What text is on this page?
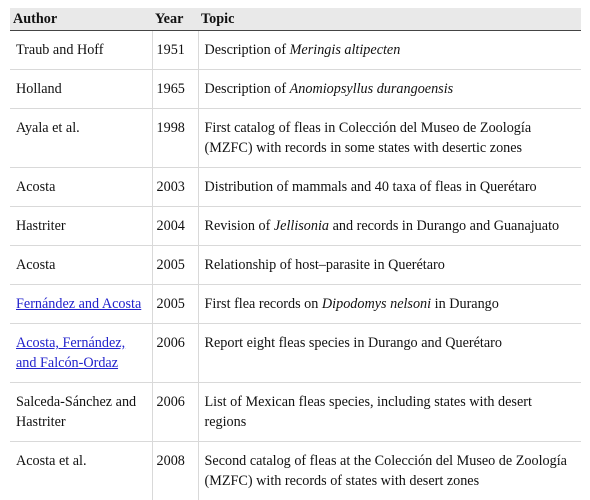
Author	Year	Topic
Traub and Hoff	1951	Description of Meringis altipecten
Holland	1965	Description of Anomiopsyllus durangoensis
Ayala et al.	1998	First catalog of fleas in Colección del Museo de Zoología (MZFC) with records in some states with desertic zones
Acosta	2003	Distribution of mammals and 40 taxa of fleas in Querétaro
Hastriter	2004	Revision of Jellisonia and records in Durango and Guanajuato
Acosta	2005	Relationship of host–parasite in Querétaro
Fernández and Acosta	2005	First flea records on Dipodomys nelsoni in Durango
Acosta, Fernández, and Falcón-Ordaz	2006	Report eight fleas species in Durango and Querétaro
Salceda-Sánchez and Hastriter	2006	List of Mexican fleas species, including states with desert regions
Acosta et al.	2008	Second catalog of fleas at the Colección del Museo de Zoología (MZFC) with records of states with desert zones
